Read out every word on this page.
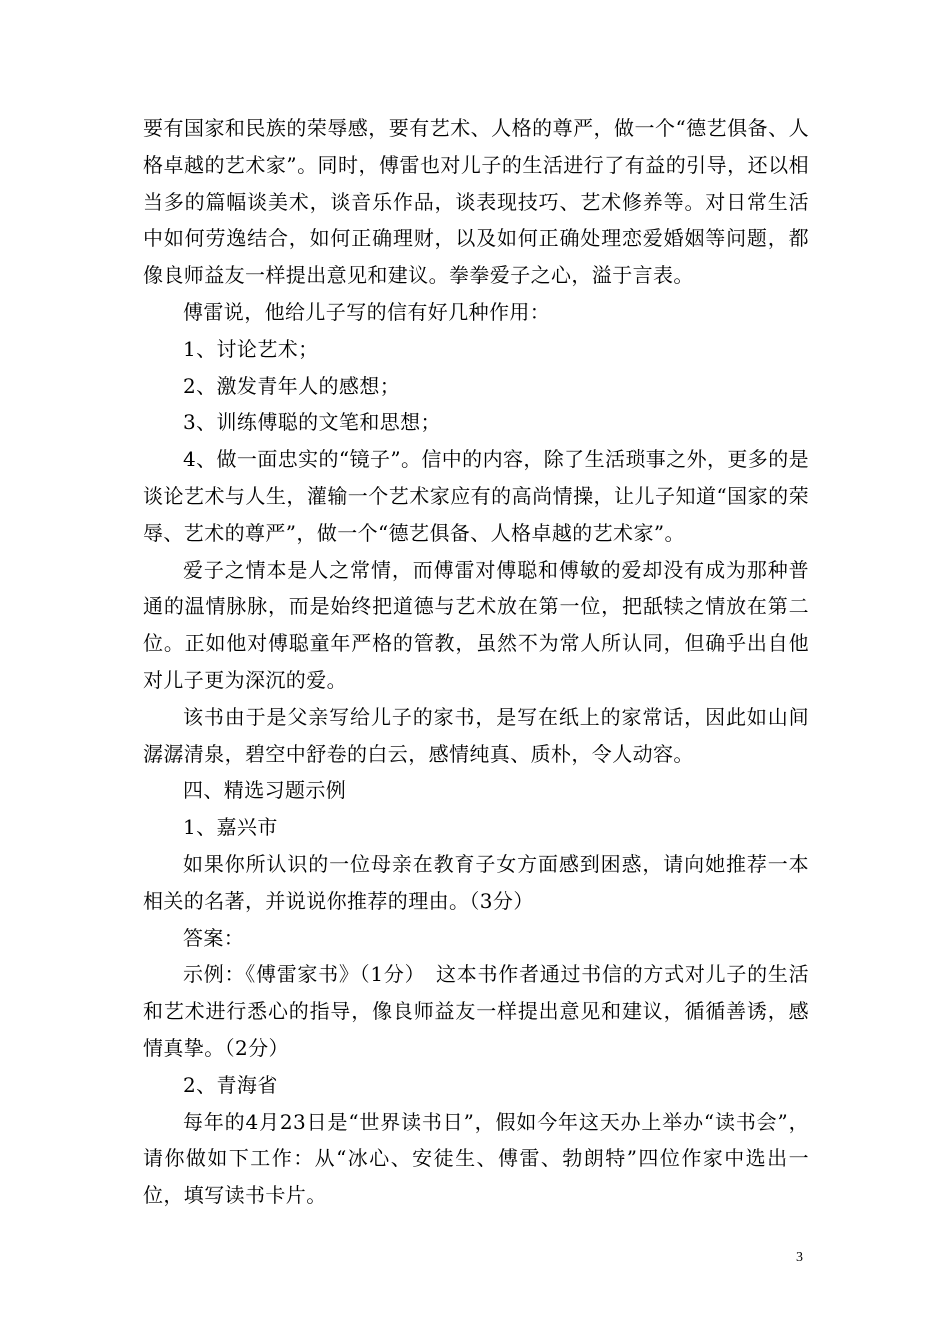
要有国家和民族的荣辱感，要有艺术、人格的尊严，做一个“德艺俱备、人格卓越的艺术家”。同时，傅雷也对儿子的生活进行了有益的引导，还以相当多的篇幅谈美术，谈音乐作品，谈表现技巧、艺术修养等。对日常生活中如何劳逸结合，如何正确理财，以及如何正确处理恋爱婚姻等问题，都像良师益友一样提出意见和建议。拳拳爱子之心，溢于言表。

傅雷说，他给儿子写的信有好几种作用：

1、讨论艺术；

2、激发青年人的感想；

3、训练傅聪的文笔和思想；

4、做一面忠实的“镜子”。信中的内容，除了生活琐事之外，更多的是谈论艺术与人生，灌输一个艺术家应有的高尚情操，让儿子知道“国家的荣辱、艺术的尊严”，做一个“德艺俱备、人格卓越的艺术家”。

爱子之情本是人之常情，而傅雷对傅聪和傅敏的爱却没有成为那种普通的温情脉脉，而是始终把道德与艺术放在第一位，把舐犊之情放在第二位。正如他对傅聪童年严格的管教，虽然不为常人所认同，但确乎出自他对儿子更为深沉的爱。

该书由于是父亲写给儿子的家书，是写在纸上的家常话，因此如山间潺潺清泉，碧空中舒卷的白云，感情纯真、质朴，令人动容。

四、精选习题示例

1、嘉兴市

如果你所认识的一位母亲在教育子女方面感到困惑，请向她推荐一本相关的名著，并说说你推荐的理由。（3分）

答案：

示例：《傅雷家书》（1分）　这本书作者通过书信的方式对儿子的生活和艺术进行悉心的指导，像良师益友一样提出意见和建议，循循善诱，感情真挚。（2分）

2、青海省

每年的4月23日是“世界读书日”，假如今年这天办上举办“读书会”，请你做如下工作：从“冰心、安徒生、傅雷、勃朗特”四位作家中选出一位，填写读书卡片。

3
